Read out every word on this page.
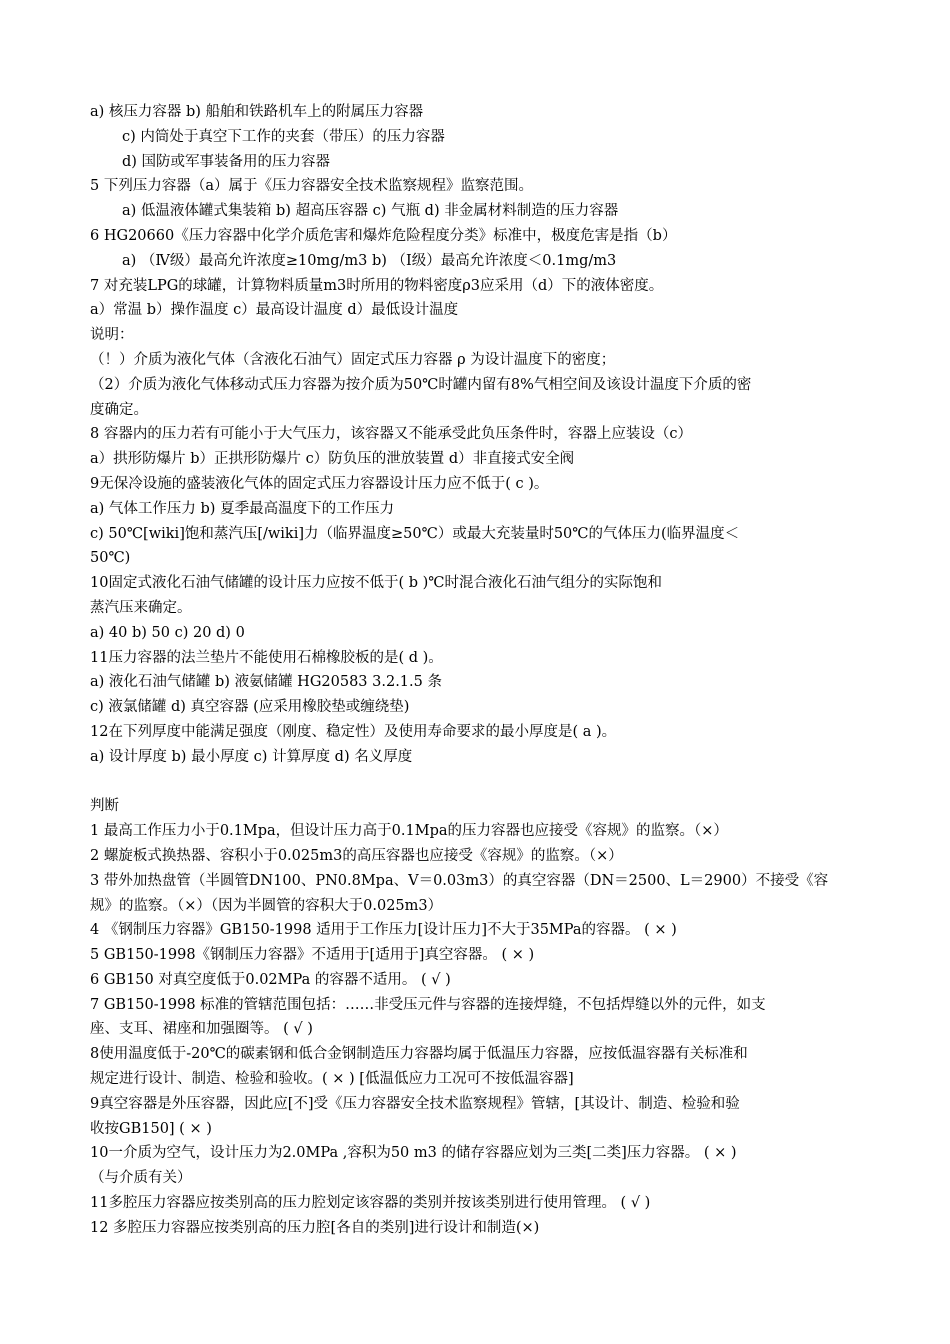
a) 核压力容器 b) 船舶和铁路机车上的附属压力容器
c) 内筒处于真空下工作的夹套（带压）的压力容器
d) 国防或军事装备用的压力容器
5 下列压力容器（a）属于《压力容器安全技术监察规程》监察范围。
a) 低温液体罐式集装箱 b) 超高压容器 c) 气瓶 d) 非金属材料制造的压力容器
6 HG20660《压力容器中化学介质危害和爆炸危险程度分类》标准中，极度危害是指（b）
a) （Ⅳ级）最高允许浓度≥10mg/m3 b) （Ⅰ级）最高允许浓度＜0.1mg/m3
7 对充装LPG的球罐，计算物料质量m3时所用的物料密度ρ3应采用（d）下的液体密度。
a）常温 b）操作温度 c）最高设计温度 d）最低设计温度
说明：
（！）介质为液化气体（含液化石油气）固定式压力容器 ρ 为设计温度下的密度；
（2）介质为液化气体移动式压力容器为按介质为50℃时罐内留有8%气相空间及该设计温度下介质的密
度确定。
8 容器内的压力若有可能小于大气压力，该容器又不能承受此负压条件时，容器上应装设（c）
a）拱形防爆片 b）正拱形防爆片 c）防负压的泄放装置 d）非直接式安全阀
9无保冷设施的盛装液化气体的固定式压力容器设计压力应不低于( c )。
a) 气体工作压力 b) 夏季最高温度下的工作压力
c) 50℃[wiki]饱和蒸汽压[/wiki]力（临界温度≥50℃）或最大充装量时50℃的气体压力(临界温度＜
50℃)
10固定式液化石油气储罐的设计压力应按不低于( b )℃时混合液化石油气组分的实际饱和
蒸汽压来确定。
a) 40 b) 50 c) 20 d) 0
11压力容器的法兰垫片不能使用石棉橡胶板的是( d )。
a) 液化石油气储罐 b) 液氨储罐 HG20583 3.2.1.5 条
c) 液氯储罐 d) 真空容器 (应采用橡胶垫或缠绕垫)
12在下列厚度中能满足强度（刚度、稳定性）及使用寿命要求的最小厚度是( a )。
a) 设计厚度 b) 最小厚度 c) 计算厚度 d) 名义厚度
判断
1 最高工作压力小于0.1Mpa，但设计压力高于0.1Mpa的压力容器也应接受《容规》的监察。（×）
2 螺旋板式换热器、容积小于0.025m3的高压容器也应接受《容规》的监察。（×）
3 带外加热盘管（半圆管DN100、PN0.8Mpa、V＝0.03m3）的真空容器（DN＝2500、L＝2900）不接受《容
规》的监察。（×）（因为半圆管的容积大于0.025m3）
4 《钢制压力容器》GB150-1998 适用于工作压力[设计压力]不大于35MPa的容器。 ( × )
5 GB150-1998《钢制压力容器》不适用于[适用于]真空容器。 ( × )
6 GB150 对真空度低于0.02MPa 的容器不适用。 ( √ )
7 GB150-1998 标准的管辖范围包括：……非受压元件与容器的连接焊缝，不包括焊缝以外的元件，如支
座、支耳、裙座和加强圈等。 ( √ )
8使用温度低于-20℃的碳素钢和低合金钢制造压力容器均属于低温压力容器，应按低温容器有关标准和
规定进行设计、制造、检验和验收。( × ) [低温低应力工况可不按低温容器]
9真空容器是外压容器，因此应[不]受《压力容器安全技术监察规程》管辖，[其设计、制造、检验和验
收按GB150] ( × )
10一介质为空气，设计压力为2.0MPa ,容积为50 m3 的储存容器应划为三类[二类]压力容器。 ( × )
（与介质有关）
11多腔压力容器应按类别高的压力腔划定该容器的类别并按该类别进行使用管理。 ( √ )
12 多腔压力容器应按类别高的压力腔[各自的类别]进行设计和制造(×)
